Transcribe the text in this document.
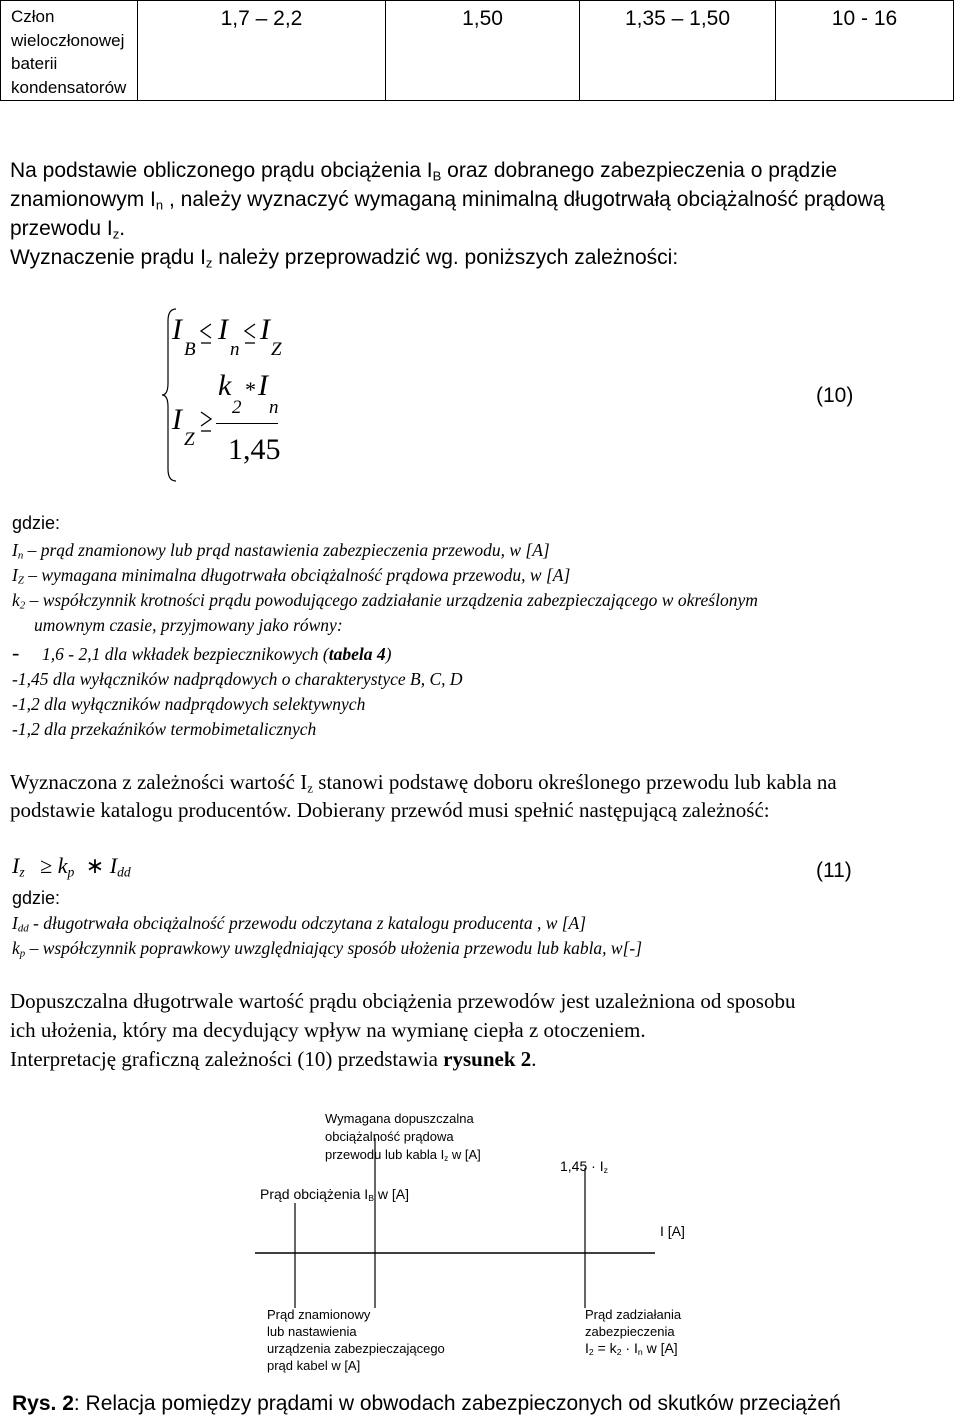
Człon wieloczłonowej baterii kondensatorów	1,7 – 2,2	1,50	1,35 – 1,50	10 - 16
Na podstawie obliczonego prądu obciążenia $I_B$ oraz dobranego zabezpieczenia o prądzie znamionowym $I_n$ , należy wyznaczyć wymaganą minimalną długotrwałą obciążalność prądową przewodu $I_z$.
Wyznaczenie prądu $I_z$ należy przeprowadzić wg. poniższych zależności:
I
B
I
n
I
Z
I
Z
k
2
* I
n
1,45
(10)
gdzie:
$I_n$ – prąd znamionowy lub prąd nastawienia zabezpieczenia przewodu, w [A]
$I_Z$ – wymagana minimalna długotrwała obciążalność prądowa przewodu, w [A]
$k_2$ – współczynnik krotności prądu powodującego zadziałanie urządzenia zabezpieczającego w określonym
umownym czasie, przyjmowany jako równy:
- 1,6 - 2,1 dla wkładek bezpiecznikowych (tabela 4)
-1,45 dla wyłączników nadprądowych o charakterystyce B, C, D
-1,2 dla wyłączników nadprądowych selektywnych
-1,2 dla przekaźników termobimetalicznych
Wyznaczona z zależności wartość $I_z$ stanowi podstawę doboru określonego przewodu lub kabla na podstawie katalogu producentów. Dobierany przewód musi spełnić następującą zależność:
$I_z \ge k_p$ ∗ $I_{dd}$	(11)
gdzie:
$I_{dd}$ - długotrwała obciążalność przewodu odczytana z katalogu producenta , w [A]
$k_p$ – współczynnik poprawkowy uwzględniający sposób ułożenia przewodu lub kabla, w[-]
Dopuszczalna długotrwale wartość prądu obciążenia przewodów jest uzależniona od sposobu
ich ułożenia, który ma decydujący wpływ na wymianę ciepła z otoczeniem.
Interpretację graficzną zależności (10) przedstawia rysunek 2.
Wymagana dopuszczalna
obciążalność prądowa
przewodu lub kabla $I_z$ w [A]
$1,45 \cdot I_z$
Prąd obciążenia $I_B$ w [A]
I [A]
Prąd znamionowy
lub nastawienia
urządzenia zabezpieczającego
prąd kabel w [A]
Prąd zadziałania
zabezpieczenia
$I_2 = k_2 \cdot I_n$ w [A]
Rys. 2: Relacja pomiędzy prądami w obwodach zabezpieczonych od skutków przeciążeń
